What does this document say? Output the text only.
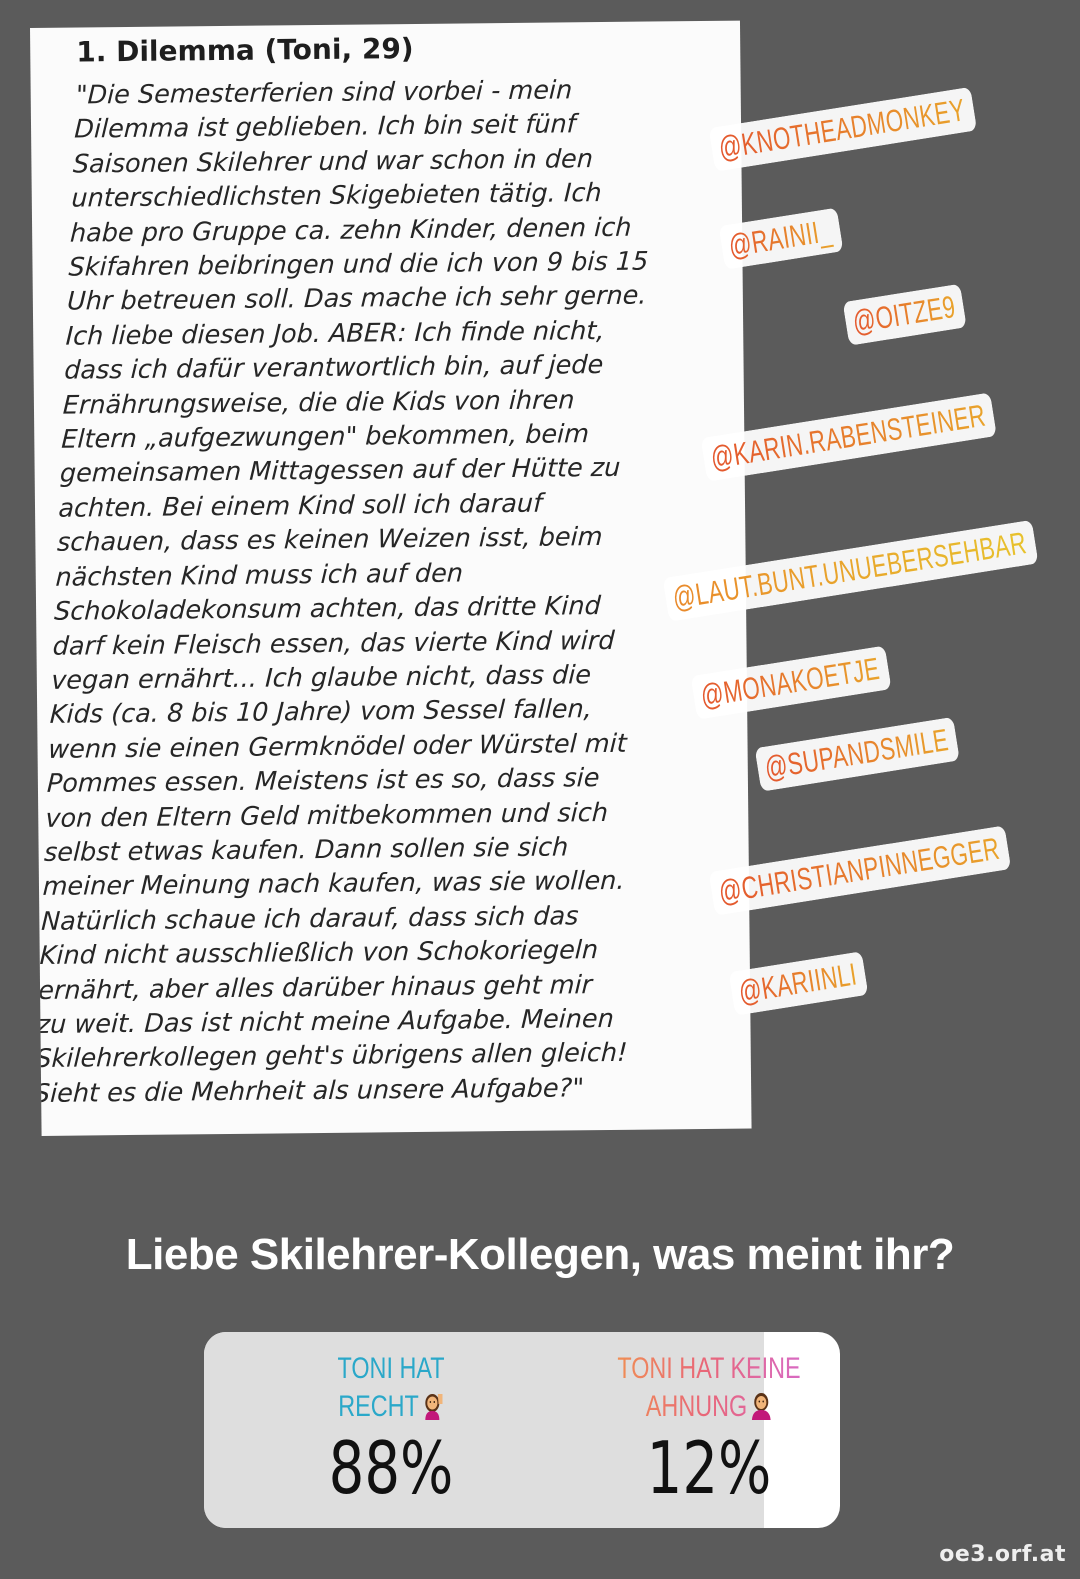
1. Dilemma (Toni, 29)
"Die Semesterferien sind vorbei - mein
Dilemma ist geblieben. Ich bin seit fünf
Saisonen Skilehrer und war schon in den
unterschiedlichsten Skigebieten tätig. Ich
habe pro Gruppe ca. zehn Kinder, denen ich
Skifahren beibringen und die ich von 9 bis 15
Uhr betreuen soll. Das mache ich sehr gerne.
Ich liebe diesen Job. ABER: Ich finde nicht,
dass ich dafür verantwortlich bin, auf jede
Ernährungsweise, die die Kids von ihren
Eltern „aufgezwungen" bekommen, beim
gemeinsamen Mittagessen auf der Hütte zu
achten. Bei einem Kind soll ich darauf
schauen, dass es keinen Weizen isst, beim
nächsten Kind muss ich auf den
Schokoladekonsum achten, das dritte Kind
darf kein Fleisch essen, das vierte Kind wird
vegan ernährt... Ich glaube nicht, dass die
Kids (ca. 8 bis 10 Jahre) vom Sessel fallen,
wenn sie einen Germknödel oder Würstel mit
Pommes essen. Meistens ist es so, dass sie
von den Eltern Geld mitbekommen und sich
selbst etwas kaufen. Dann sollen sie sich
meiner Meinung nach kaufen, was sie wollen.
Natürlich schaue ich darauf, dass sich das
Kind nicht ausschließlich von Schokoriegeln
ernährt, aber alles darüber hinaus geht mir
zu weit. Das ist nicht meine Aufgabe. Meinen
Skilehrerkollegen geht's übrigens allen gleich!
Sieht es die Mehrheit als unsere Aufgabe?"
@KNOTHEADMONKEY
@RAINII_
@OITZE9
@KARIN.RABENSTEINER
@LAUT.BUNT.UNUEBERSEHBAR
@MONAKOETJE
@SUPANDSMILE
@CHRISTIANPINNEGGER
@KARIINLI
Liebe Skilehrer-Kollegen, was meint ihr?
TONI HAT
RECHT
88%
TONI HAT KEINE
AHNUNG
12%
oe3.orf.at
